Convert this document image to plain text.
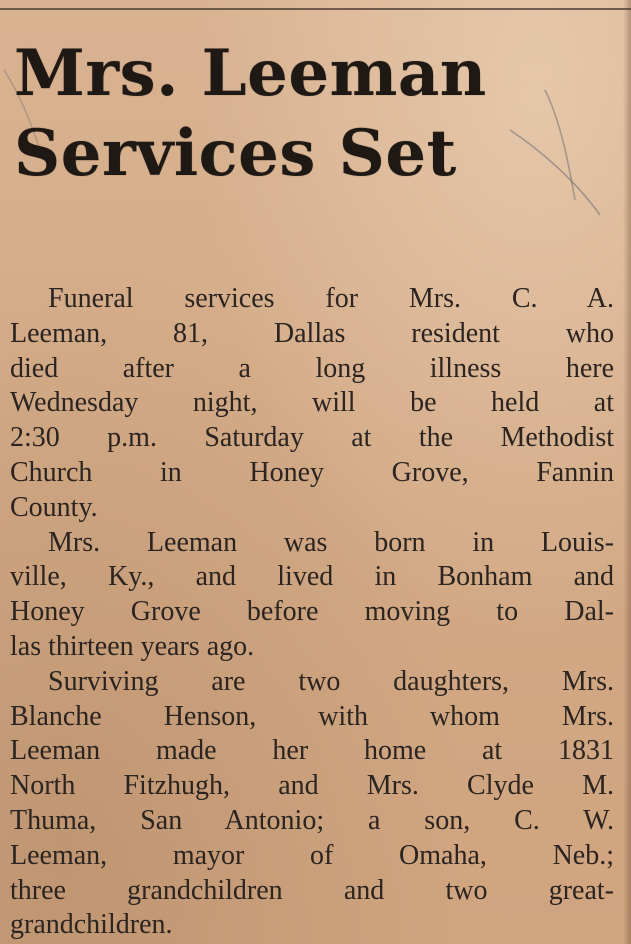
Mrs. Leeman
Services Set
Funeral services for Mrs. C. A.
Leeman, 81, Dallas resident who
died after a long illness here
Wednesday night, will be held at
2:30 p.m. Saturday at the Methodist
Church in Honey Grove, Fannin
County.
Mrs. Leeman was born in Louis-
ville, Ky., and lived in Bonham and
Honey Grove before moving to Dal-
las thirteen years ago.
Surviving are two daughters, Mrs.
Blanche Henson, with whom Mrs.
Leeman made her home at 1831
North Fitzhugh, and Mrs. Clyde M.
Thuma, San Antonio; a son, C. W.
Leeman, mayor of Omaha, Neb.;
three grandchildren and two great-
grandchildren.
